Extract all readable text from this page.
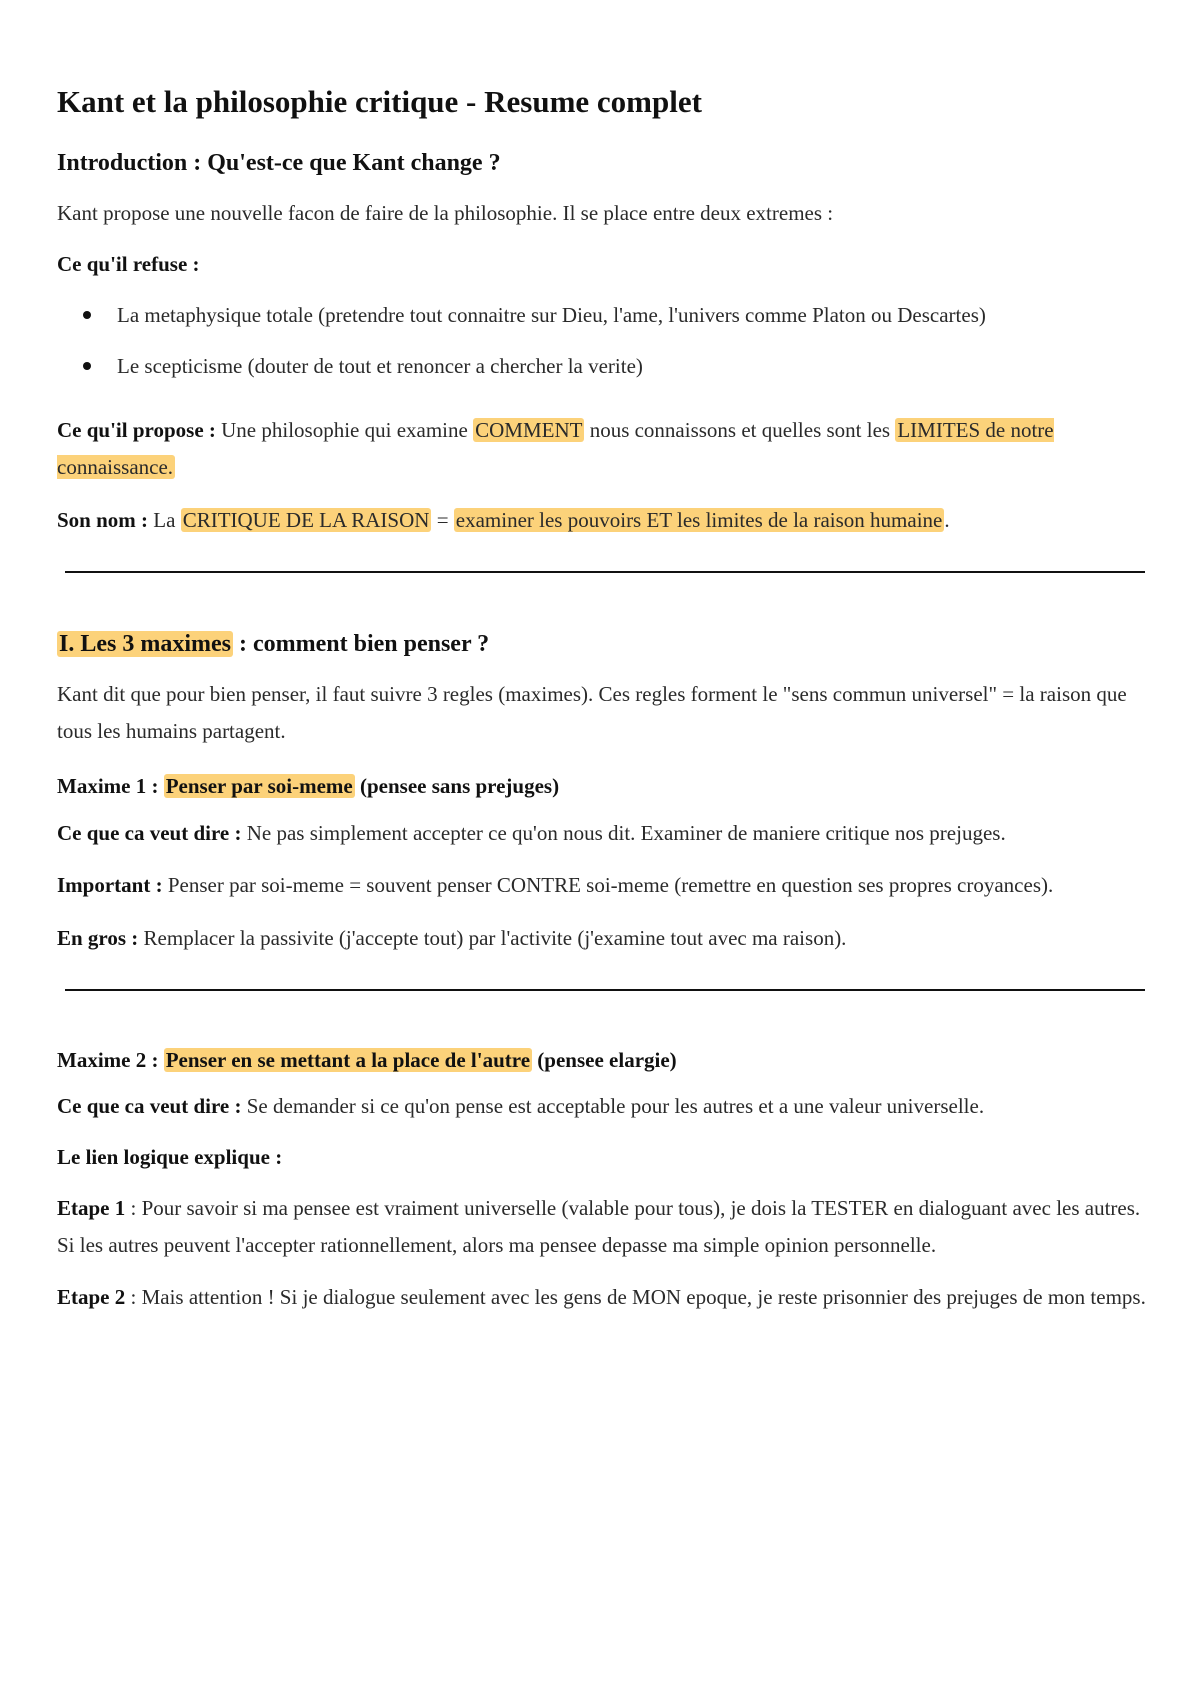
Kant et la philosophie critique - Resume complet
Introduction : Qu'est-ce que Kant change ?

Kant propose une nouvelle facon de faire de la philosophie. Il se place entre deux extremes :

Ce qu'il refuse :

La metaphysique totale (pretendre tout connaitre sur Dieu, l'ame, l'univers comme Platon ou Descartes)
Le scepticisme (douter de tout et renoncer a chercher la verite)

Ce qu'il propose : Une philosophie qui examine COMMENT nous connaissons et quelles sont les LIMITES de notre connaissance.

Son nom : La CRITIQUE DE LA RAISON = examiner les pouvoirs ET les limites de la raison humaine.

I. Les 3 maximes : comment bien penser ?

Kant dit que pour bien penser, il faut suivre 3 regles (maximes). Ces regles forment le "sens commun universel" = la raison que tous les humains partagent.

Maxime 1 : Penser par soi-meme (pensee sans prejuges)

Ce que ca veut dire : Ne pas simplement accepter ce qu'on nous dit. Examiner de maniere critique nos prejuges.

Important : Penser par soi-meme = souvent penser CONTRE soi-meme (remettre en question ses propres croyances).

En gros : Remplacer la passivite (j'accepte tout) par l'activite (j'examine tout avec ma raison).

Maxime 2 : Penser en se mettant a la place de l'autre (pensee elargie)

Ce que ca veut dire : Se demander si ce qu'on pense est acceptable pour les autres et a une valeur universelle.

Le lien logique explique :

Etape 1 : Pour savoir si ma pensee est vraiment universelle (valable pour tous), je dois la TESTER en dialoguant avec les autres. Si les autres peuvent l'accepter rationnellement, alors ma pensee depasse ma simple opinion personnelle.

Etape 2 : Mais attention ! Si je dialogue seulement avec les gens de MON epoque, je reste prisonnier des prejuges de mon temps.
